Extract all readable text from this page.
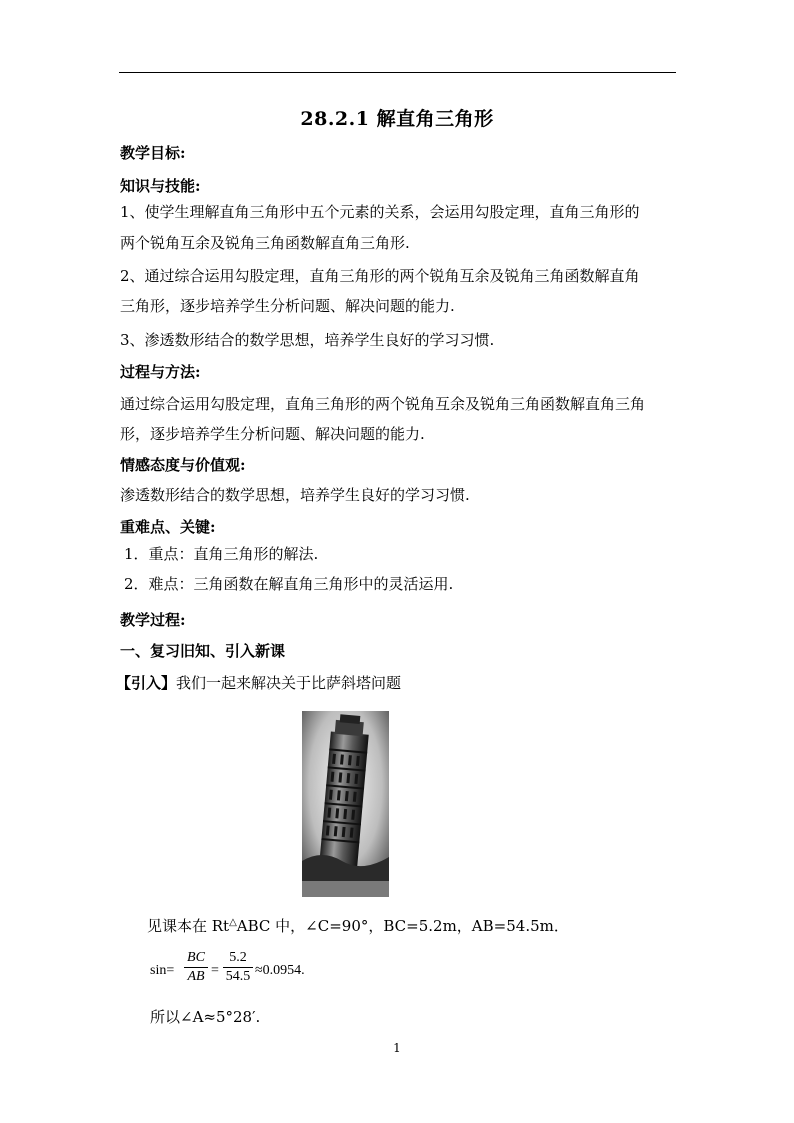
28.2.1 解直角三角形
教学目标:
知识与技能:
1、使学生理解直角三角形中五个元素的关系，会运用勾股定理，直角三角形的
两个锐角互余及锐角三角函数解直角三角形.
2、通过综合运用勾股定理，直角三角形的两个锐角互余及锐角三角函数解直角
三角形，逐步培养学生分析问题、解决问题的能力.
3、渗透数形结合的数学思想，培养学生良好的学习习惯.
过程与方法:
通过综合运用勾股定理，直角三角形的两个锐角互余及锐角三角函数解直角三角
形，逐步培养学生分析问题、解决问题的能力.
情感态度与价值观:
渗透数形结合的数学思想，培养学生良好的学习习惯.
重难点、关键:
1．重点：直角三角形的解法.
2．难点：三角函数在解直角三角形中的灵活运用.
教学过程:
一、复习旧知、引入新课
【引入】我们一起来解决关于比萨斜塔问题
见课本在 Rt△ABC 中，∠C=90°，BC=5.2m，AB=54.5m．
sin=
BC
AB =
5.2
54.5 ≈0.0954.
所以∠A≈5°28′.
1
